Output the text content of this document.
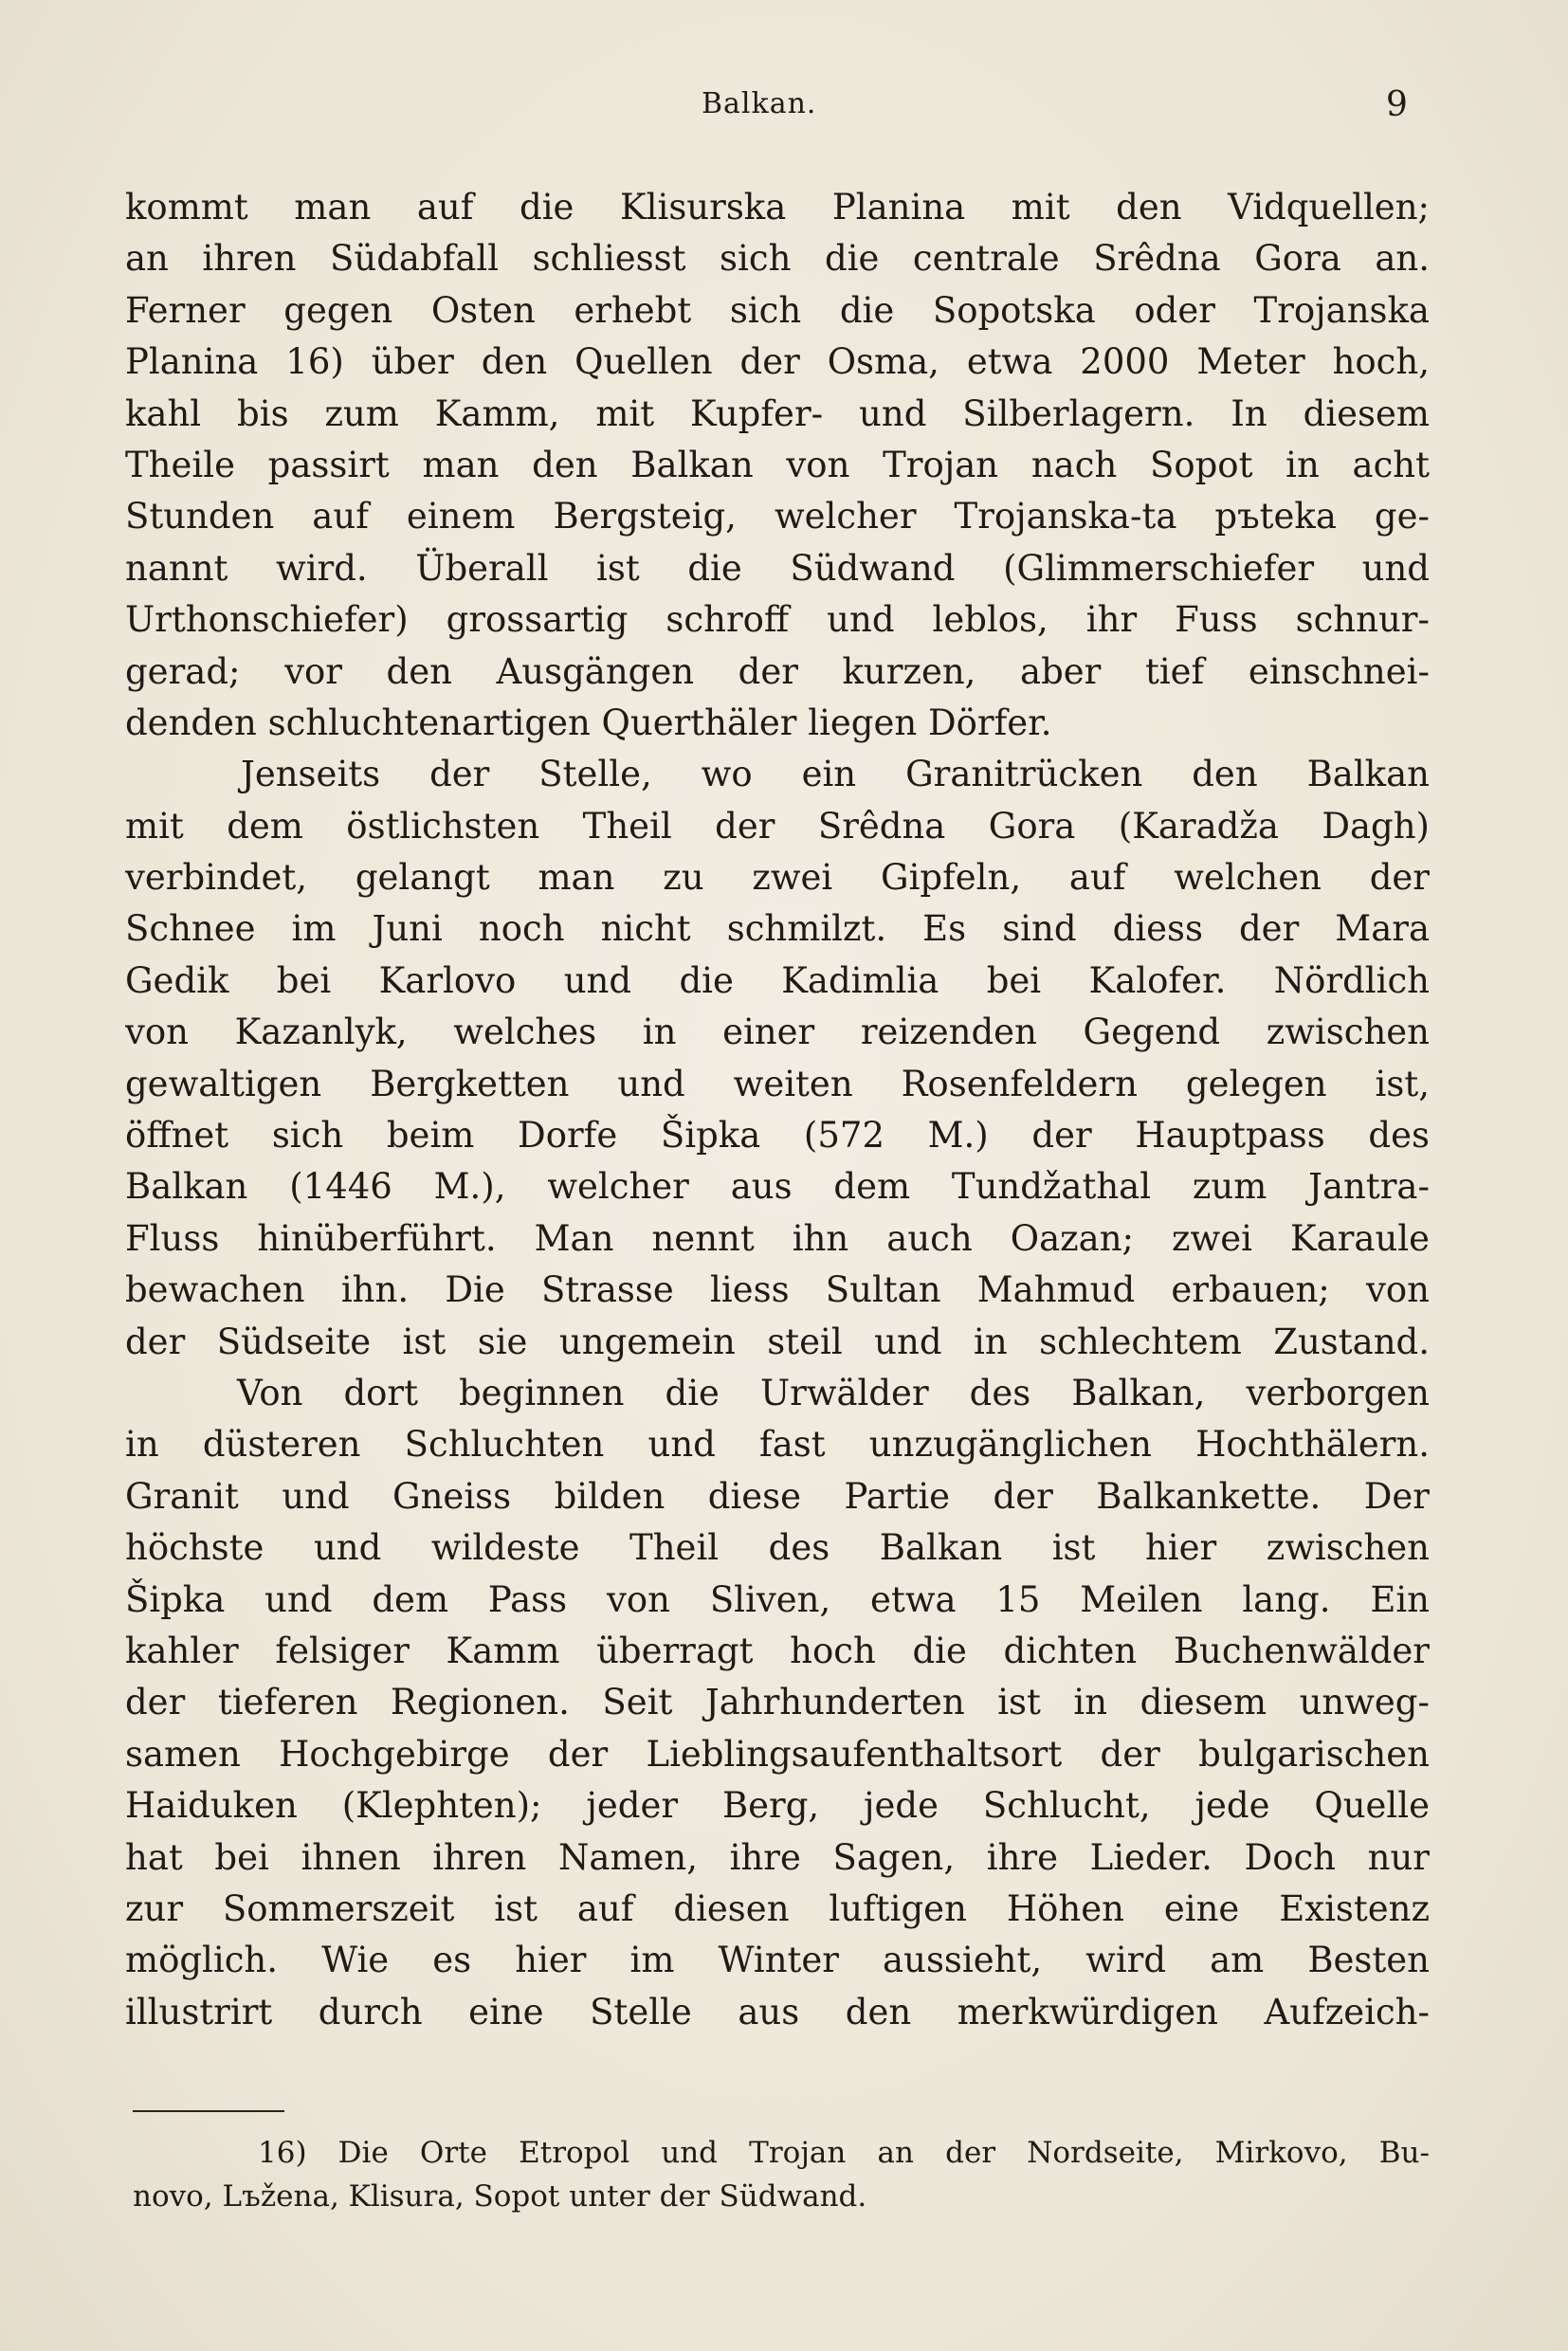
Balkan.	9
kommt man auf die Klisurska Planina mit den Vidquellen;
an ihren Südabfall schliesst sich die centrale Srêdna Gora an.
Ferner gegen Osten erhebt sich die Sopotska oder Trojanska
Planina 16) über den Quellen der Osma, etwa 2000 Meter hoch,
kahl bis zum Kamm, mit Kupfer- und Silberlagern. In diesem
Theile passirt man den Balkan von Trojan nach Sopot in acht
Stunden auf einem Bergsteig, welcher Trojanska-ta pъteka ge-
nannt wird. Überall ist die Südwand (Glimmerschiefer und
Urthonschiefer) grossartig schroff und leblos, ihr Fuss schnur-
gerad; vor den Ausgängen der kurzen, aber tief einschnei-
denden schluchtenartigen Querthäler liegen Dörfer.
Jenseits der Stelle, wo ein Granitrücken den Balkan
mit dem östlichsten Theil der Srêdna Gora (Karadža Dagh)
verbindet, gelangt man zu zwei Gipfeln, auf welchen der
Schnee im Juni noch nicht schmilzt. Es sind diess der Mara
Gedik bei Karlovo und die Kadimlia bei Kalofer. Nördlich
von Kazanlyk, welches in einer reizenden Gegend zwischen
gewaltigen Bergketten und weiten Rosenfeldern gelegen ist,
öffnet sich beim Dorfe Šipka (572 M.) der Hauptpass des
Balkan (1446 M.), welcher aus dem Tundžathal zum Jantra-
Fluss hinüberführt. Man nennt ihn auch Oazan; zwei Karaule
bewachen ihn. Die Strasse liess Sultan Mahmud erbauen; von
der Südseite ist sie ungemein steil und in schlechtem Zustand.
Von dort beginnen die Urwälder des Balkan, verborgen
in düsteren Schluchten und fast unzugänglichen Hochthälern.
Granit und Gneiss bilden diese Partie der Balkankette. Der
höchste und wildeste Theil des Balkan ist hier zwischen
Šipka und dem Pass von Sliven, etwa 15 Meilen lang. Ein
kahler felsiger Kamm überragt hoch die dichten Buchenwälder
der tieferen Regionen. Seit Jahrhunderten ist in diesem unweg-
samen Hochgebirge der Lieblingsaufenthaltsort der bulgarischen
Haiduken (Klephten); jeder Berg, jede Schlucht, jede Quelle
hat bei ihnen ihren Namen, ihre Sagen, ihre Lieder. Doch nur
zur Sommerszeit ist auf diesen luftigen Höhen eine Existenz
möglich. Wie es hier im Winter aussieht, wird am Besten
illustrirt durch eine Stelle aus den merkwürdigen Aufzeich-
16) Die Orte Etropol und Trojan an der Nordseite, Mirkovo, Bu-
novo, Lъžena, Klisura, Sopot unter der Südwand.
